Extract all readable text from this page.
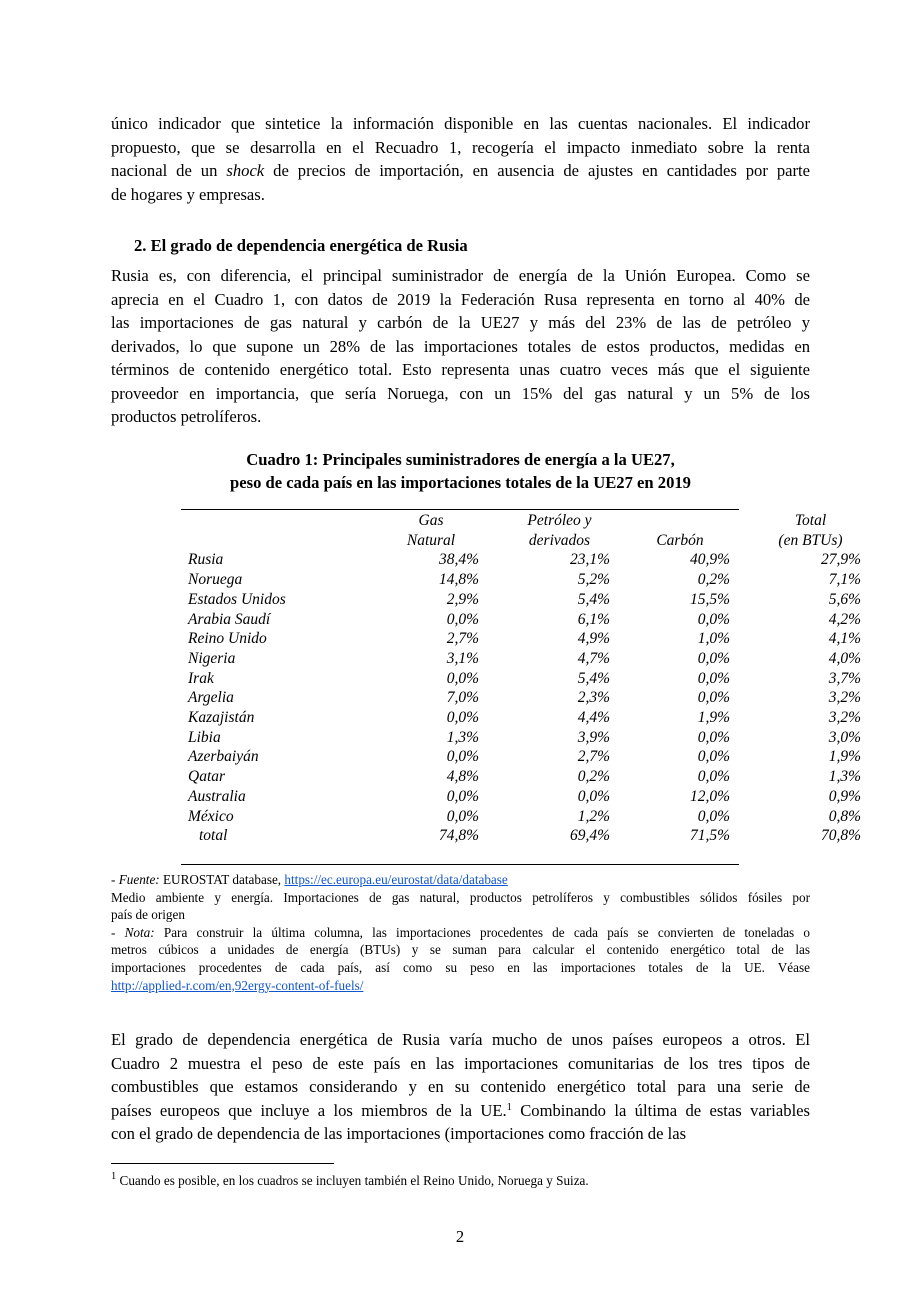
único indicador que sintetice la información disponible en las cuentas nacionales. El indicador
propuesto, que se desarrolla en el Recuadro 1, recogería el impacto inmediato sobre la renta
nacional de un shock de precios de importación, en ausencia de ajustes en cantidades por parte
de hogares y empresas.
2. El grado de dependencia energética de Rusia
Rusia es, con diferencia, el principal suministrador de energía de la Unión Europea. Como se
aprecia en el Cuadro 1, con datos de 2019 la Federación Rusa representa en torno al 40% de
las importaciones de gas natural y carbón de la UE27 y más del 23% de las de petróleo y
derivados, lo que supone un 28% de las importaciones totales de estos productos, medidas en
términos de contenido energético total. Esto representa unas cuatro veces más que el siguiente
proveedor en importancia, que sería Noruega, con un 15% del gas natural y un 5% de los
productos petrolíferos.
Cuadro 1: Principales suministradores de energía a la UE27,
peso de cada país en las importaciones totales de la UE27 en 2019
	Gas	Petróleo y		Total
	Natural	derivados	Carbón	(en BTUs)
Rusia	38,4%	23,1%	40,9%	27,9%
Noruega	14,8%	5,2%	0,2%	7,1%
Estados Unidos	2,9%	5,4%	15,5%	5,6%
Arabia Saudí	0,0%	6,1%	0,0%	4,2%
Reino Unido	2,7%	4,9%	1,0%	4,1%
Nigeria	3,1%	4,7%	0,0%	4,0%
Irak	0,0%	5,4%	0,0%	3,7%
Argelia	7,0%	2,3%	0,0%	3,2%
Kazajistán	0,0%	4,4%	1,9%	3,2%
Libia	1,3%	3,9%	0,0%	3,0%
Azerbaiyán	0,0%	2,7%	0,0%	1,9%
Qatar	4,8%	0,2%	0,0%	1,3%
Australia	0,0%	0,0%	12,0%	0,9%
México	0,0%	1,2%	0,0%	0,8%
total	74,8%	69,4%	71,5%	70,8%
- Fuente: EUROSTAT database, https://ec.europa.eu/eurostat/data/database
Medio ambiente y energía. Importaciones de gas natural, productos petrolíferos y combustibles sólidos fósiles por
país de origen
- Nota: Para construir la última columna, las importaciones procedentes de cada país se convierten de toneladas o
metros cúbicos a unidades de energía (BTUs) y se suman para calcular el contenido energético total de las
importaciones procedentes de cada país, así como su peso en las importaciones totales de la UE. Véase
http://applied-r.com/en,92ergy-content-of-fuels/
El grado de dependencia energética de Rusia varía mucho de unos países europeos a otros. El
Cuadro 2 muestra el peso de este país en las importaciones comunitarias de los tres tipos de
combustibles que estamos considerando y en su contenido energético total para una serie de
países europeos que incluye a los miembros de la UE.$^1$ Combinando la última de estas variables
con el grado de dependencia de las importaciones (importaciones como fracción de las
$^1$ Cuando es posible, en los cuadros se incluyen también el Reino Unido, Noruega y Suiza.
2
